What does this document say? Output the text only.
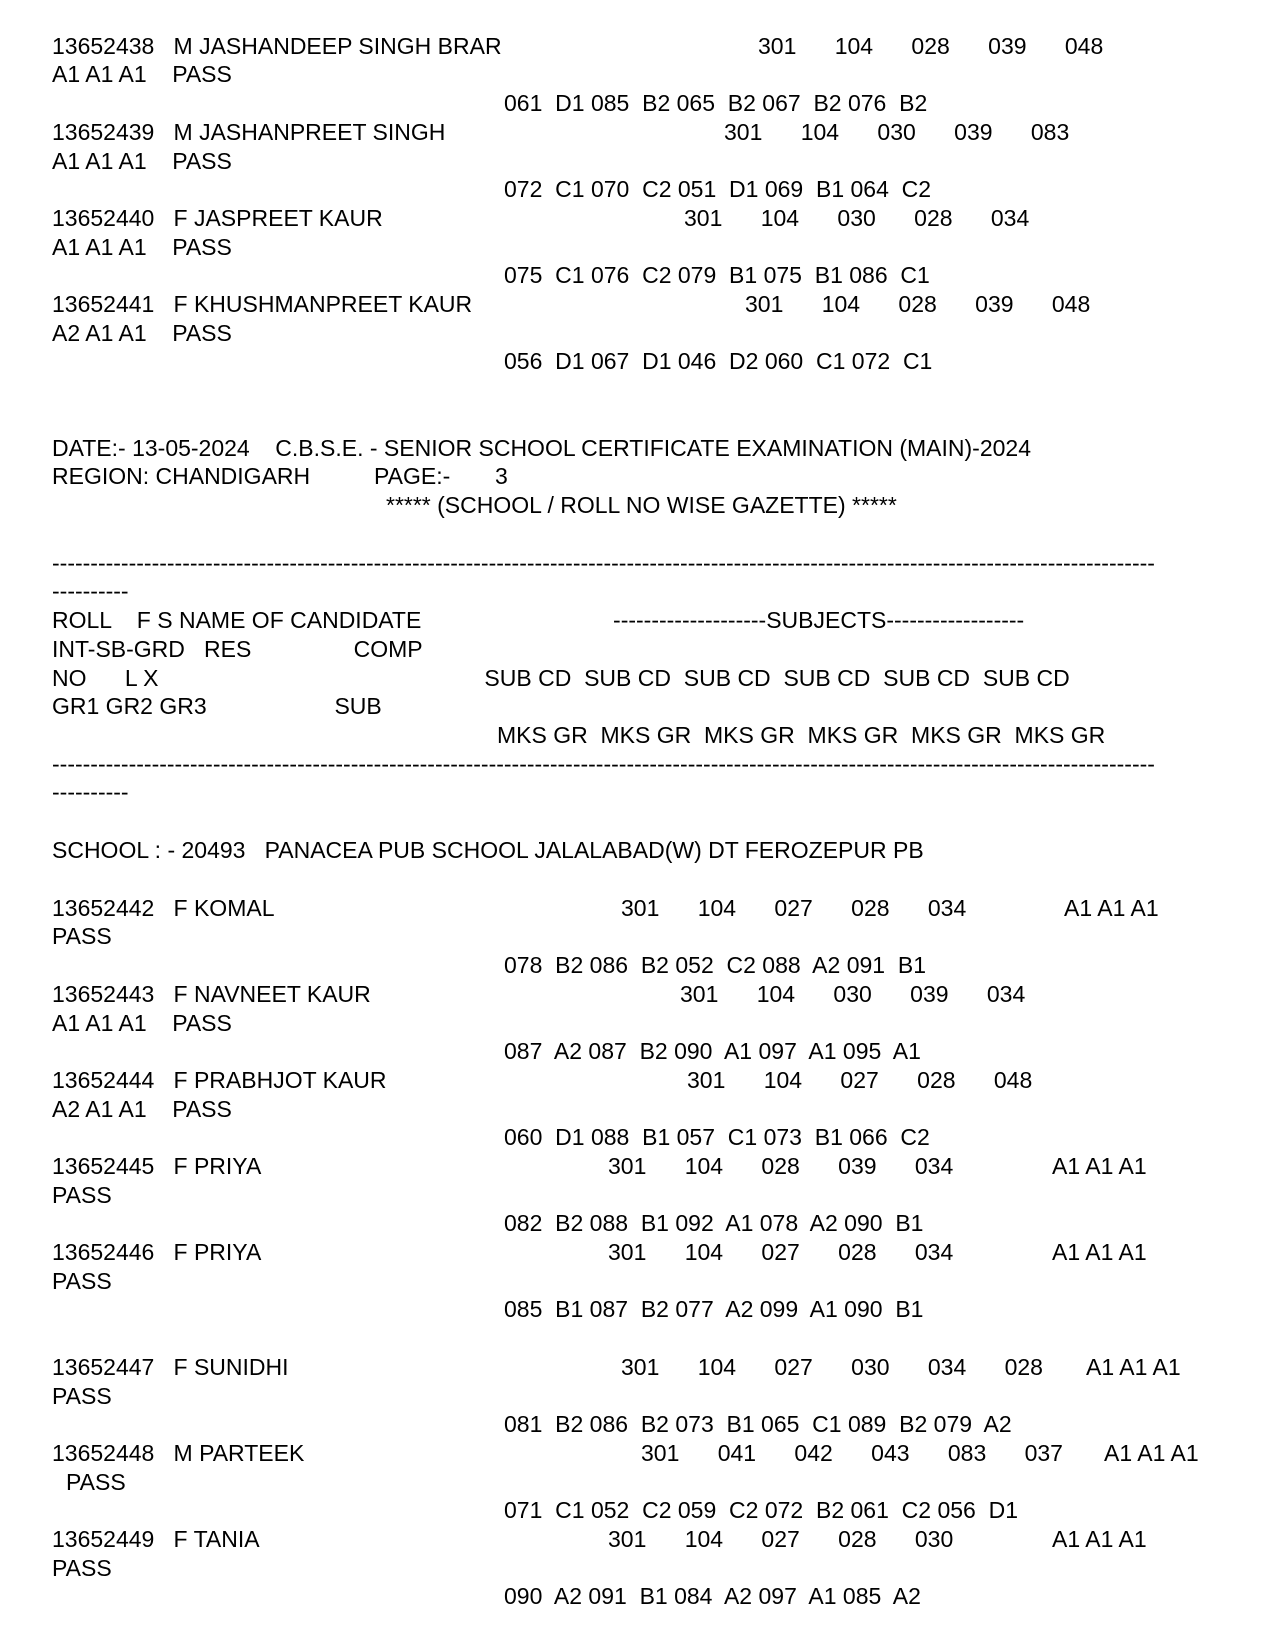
13652438 M JASHANDEEP SINGH BRAR	301      104      028      039      048
A1 A1 A1 PASS
061  D1 085  B2 065  B2 067  B2 076  B2
13652439 M JASHANPREET SINGH	301      104      030      039      083
A1 A1 A1 PASS
072  C1 070  C2 051  D1 069  B1 064  C2
13652440 F JASPREET KAUR	301      104      030      028      034
A1 A1 A1 PASS
075  C1 076  C2 079  B1 075  B1 086  C1
13652441 F KHUSHMANPREET KAUR	301      104      028      039      048
A2 A1 A1 PASS
056  D1 067  D1 046  D2 060  C1 072  C1
DATE:- 13-05-2024    C.B.S.E. - SENIOR SCHOOL CERTIFICATE EXAMINATION (MAIN)-2024
REGION: CHANDIGARH          PAGE:-       3
***** (SCHOOL / ROLL NO WISE GAZETTE) *****
------------------------------------------------------------------------------------------------------------------------------------------------
----------
ROLL    F S NAME OF CANDIDATE                              --------------------SUBJECTS------------------
INT-SB-GRD   RES                COMP
NO      L X                                                   SUB CD  SUB CD  SUB CD  SUB CD  SUB CD  SUB CD
GR1 GR2 GR3                    SUB
MKS GR  MKS GR  MKS GR  MKS GR  MKS GR  MKS GR
------------------------------------------------------------------------------------------------------------------------------------------------
----------
SCHOOL : - 20493   PANACEA PUB SCHOOL JALALABAD(W) DT FEROZEPUR PB
13652442 F KOMAL	301      104      027      028      034	A1 A1 A1
PASS
078  B2 086  B2 052  C2 088  A2 091  B1
13652443 F NAVNEET KAUR	301      104      030      039      034
A1 A1 A1 PASS
087  A2 087  B2 090  A1 097  A1 095  A1
13652444 F PRABHJOT KAUR	301      104      027      028      048
A2 A1 A1 PASS
060  D1 088  B1 057  C1 073  B1 066  C2
13652445 F PRIYA	301      104      028      039      034	A1 A1 A1
PASS
082  B2 088  B1 092  A1 078  A2 090  B1
13652446 F PRIYA	301      104      027      028      034	A1 A1 A1
PASS
085  B1 087  B2 077  A2 099  A1 090  B1
13652447 F SUNIDHI	301      104      027      030      034      028 A1 A1 A1
PASS
081  B2 086  B2 073  B1 065  C1 089  B2 079  A2
13652448 M PARTEEK	301      041      042      043      083      037 A1 A1 A1
PASS
071  C1 052  C2 059  C2 072  B2 061  C2 056  D1
13652449 F TANIA	301      104      027      028      030	A1 A1 A1
PASS
090  A2 091  B1 084  A2 097  A1 085  A2
